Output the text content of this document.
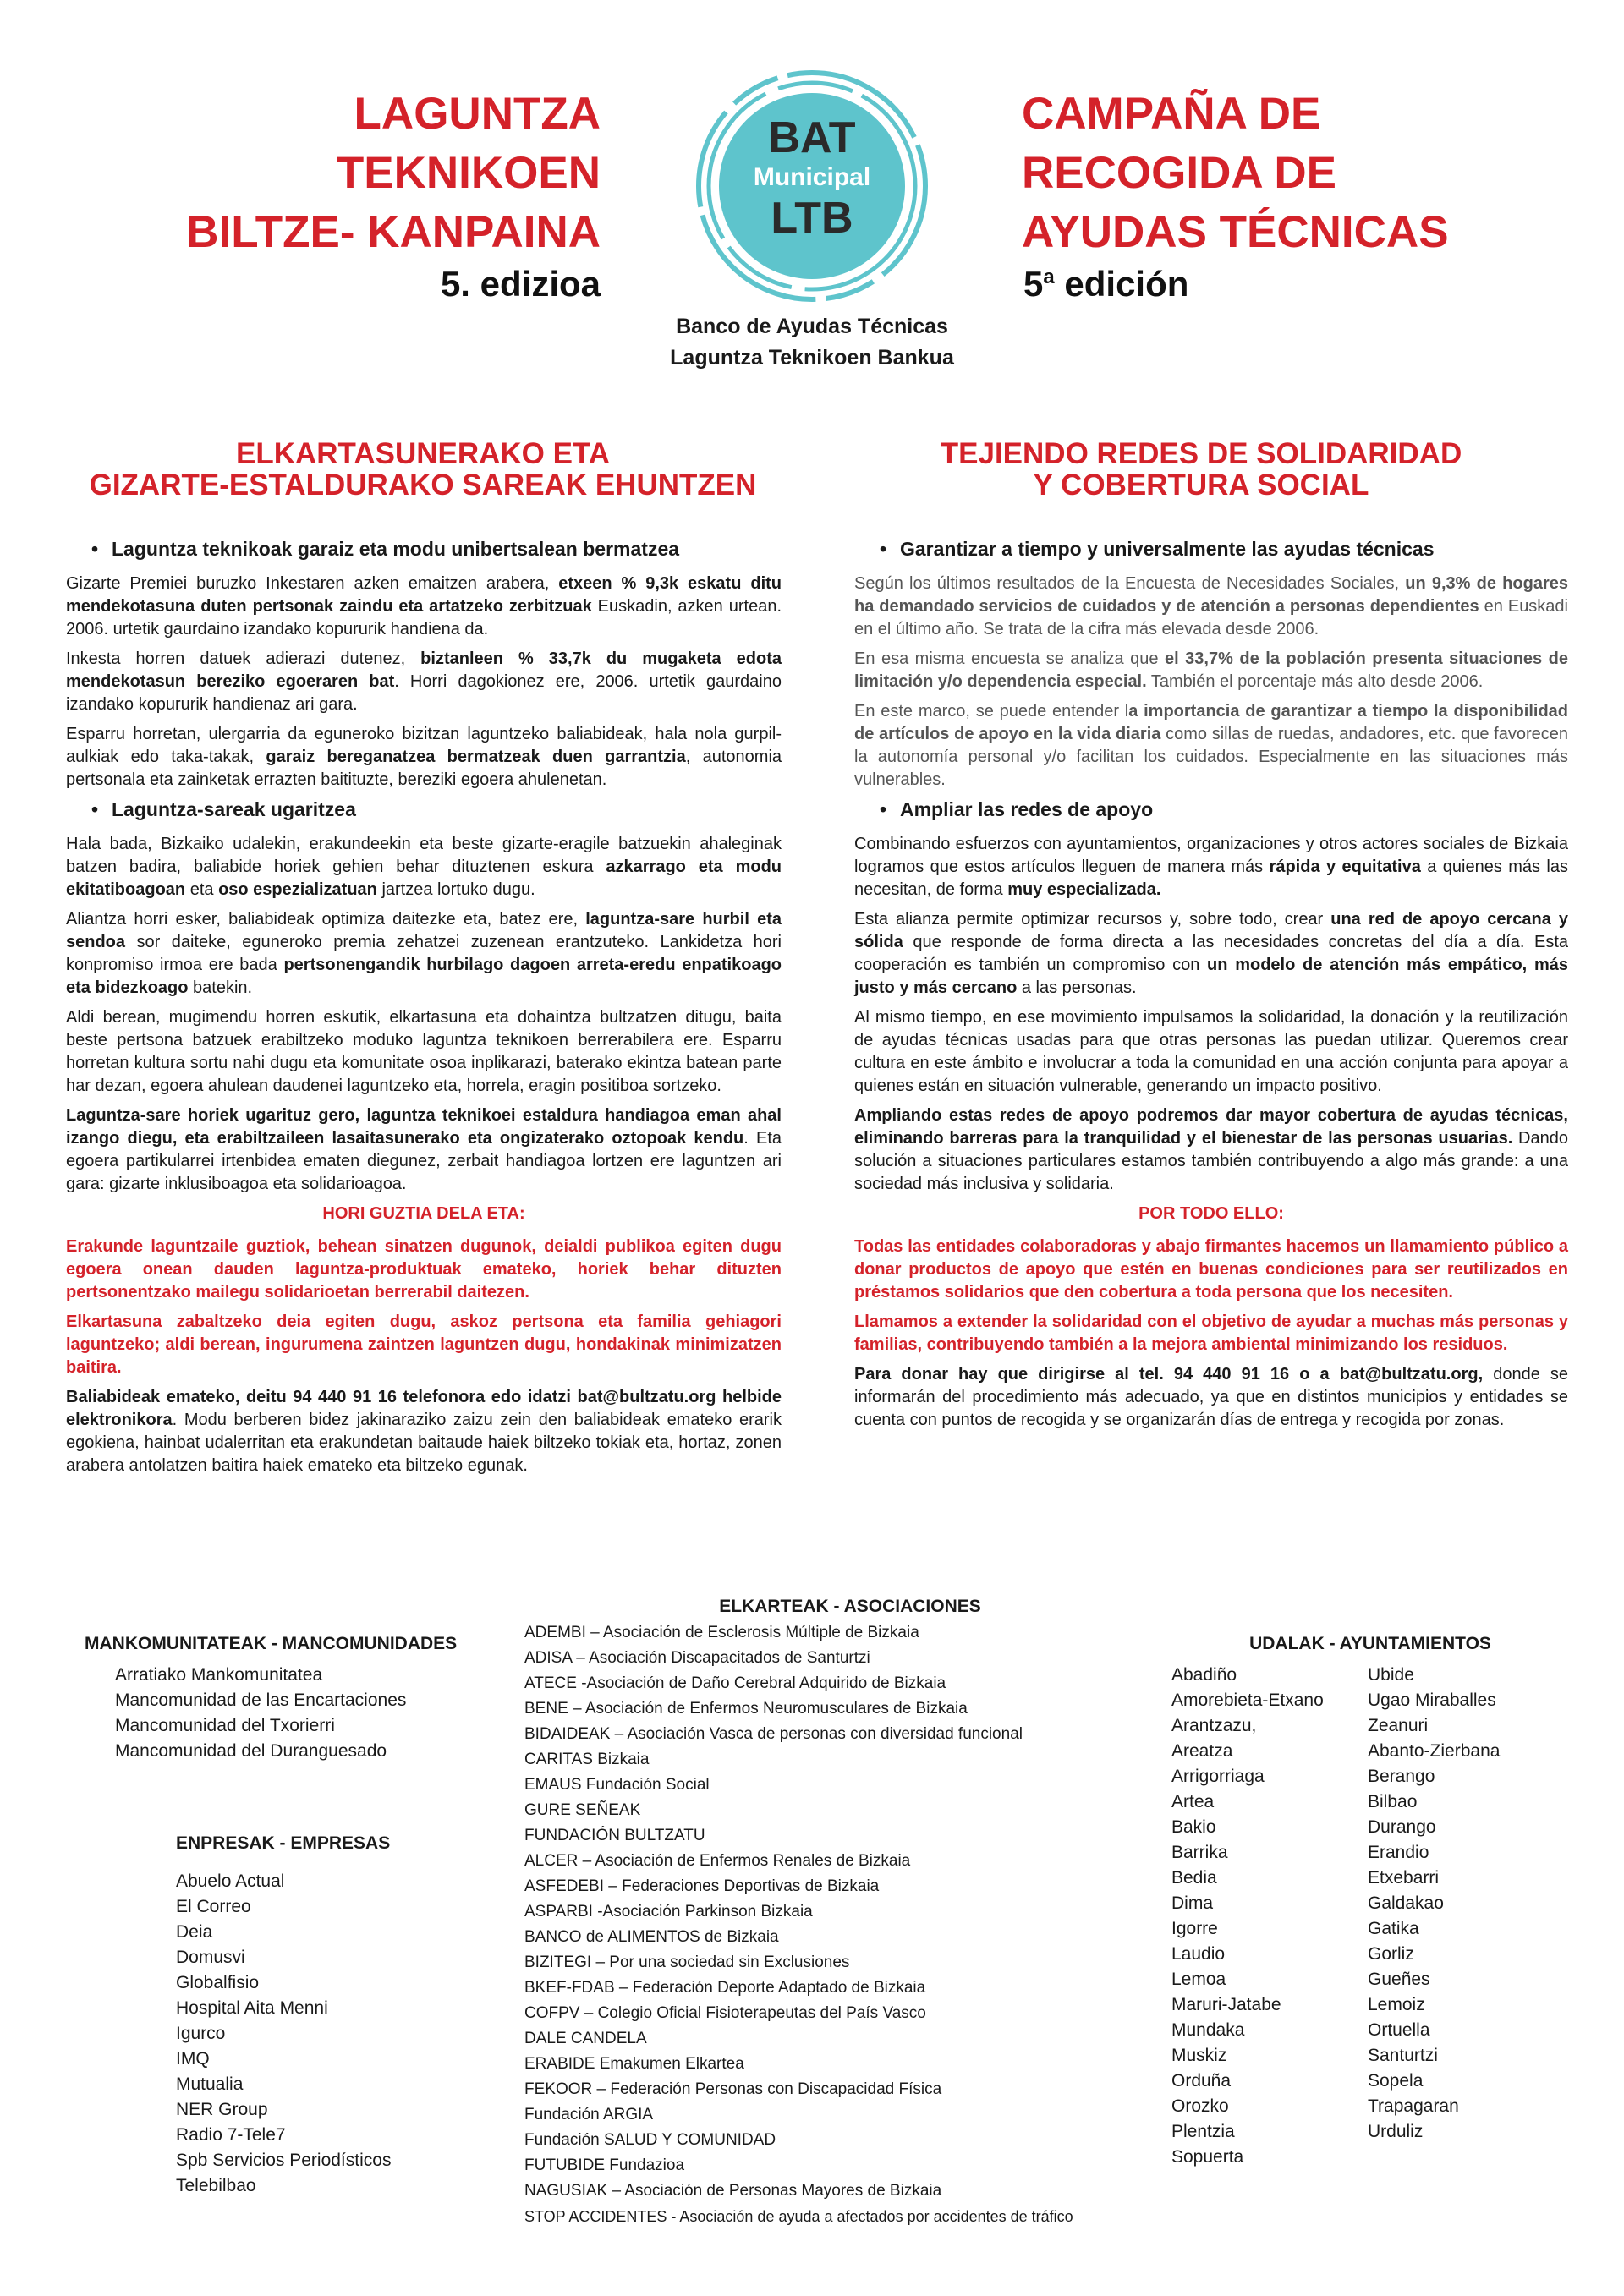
LAGUNTZA
TEKNIKOEN
BILTZE- KANPAINA
5. edizioa
CAMPAÑA DE
RECOGIDA DE
AYUDAS TÉCNICAS
5$^a$ edición
BAT
Municipal
LTB
Banco de Ayudas Técnicas
Laguntza Teknikoen Bankua
ELKARTASUNERAKO ETA
GIZARTE-ESTALDURAKO SAREAK EHUNTZEN
TEJIENDO REDES DE SOLIDARIDAD
Y COBERTURA SOCIAL
• Laguntza teknikoak garaiz eta modu unibertsalean bermatzea

Gizarte Premiei buruzko Inkestaren azken emaitzen arabera, etxeen % 9,3k eskatu ditu mendekotasuna duten pertsonak zaindu eta artatzeko zerbitzuak Euskadin, azken urtean. 2006. urtetik gaurdaino izandako kopururik handiena da.

Inkesta horren datuek adierazi dutenez, biztanleen % 33,7k du mugaketa edota mendekotasun bereziko egoeraren bat. Horri dagokionez ere, 2006. urtetik gaurdaino izandako kopururik handienaz ari gara.

Esparru horretan, ulergarria da eguneroko bizitzan laguntzeko baliabideak, hala nola gurpil-aulkiak edo taka-takak, garaiz bereganatzea bermatzeak duen garrantzia, autonomia pertsonala eta zainketak errazten baitituzte, bereziki egoera ahulenetan.

• Laguntza-sareak ugaritzea

Hala bada, Bizkaiko udalekin, erakundeekin eta beste gizarte-eragile batzuekin ahaleginak batzen badira, baliabide horiek gehien behar dituztenen eskura azkarrago eta modu ekitatiboagoan eta oso espezializatuan jartzea lortuko dugu.

Aliantza horri esker, baliabideak optimiza daitezke eta, batez ere, laguntza-sare hurbil eta sendoa sor daiteke, eguneroko premia zehatzei zuzenean erantzuteko. Lankidetza hori konpromiso irmoa ere bada pertsonengandik hurbilago dagoen arreta-eredu enpatikoago eta bidezkoago batekin.

Aldi berean, mugimendu horren eskutik, elkartasuna eta dohaintza bultzatzen ditugu, baita beste pertsona batzuek erabiltzeko moduko laguntza teknikoen berrerabilera ere. Esparru horretan kultura sortu nahi dugu eta komunitate osoa inplikarazi, baterako ekintza batean parte har dezan, egoera ahulean daudenei laguntzeko eta, horrela, eragin positiboa sortzeko.

Laguntza-sare horiek ugarituz gero, laguntza teknikoei estaldura handiagoa eman ahal izango diegu, eta erabiltzaileen lasaitasunerako eta ongizaterako oztopoak kendu. Eta egoera partikularrei irtenbidea ematen diegunez, zerbait handiagoa lortzen ere laguntzen ari gara: gizarte inklusiboagoa eta solidarioagoa.

HORI GUZTIA DELA ETA:

Erakunde laguntzaile guztiok, behean sinatzen dugunok, deialdi publikoa egiten dugu egoera onean dauden laguntza-produktuak emateko, horiek behar dituzten pertsonentzako mailegu solidarioetan berrerabil daitezen.

Elkartasuna zabaltzeko deia egiten dugu, askoz pertsona eta familia gehiagori laguntzeko; aldi berean, ingurumena zaintzen laguntzen dugu, hondakinak minimizatzen baitira.

Baliabideak emateko, deitu 94 440 91 16 telefonora edo idatzi bat@bultzatu.org helbide elektronikora. Modu berberen bidez jakinaraziko zaizu zein den baliabideak emateko erarik egokiena, hainbat udalerritan eta erakundetan baitaude haiek biltzeko tokiak eta, hortaz, zonen arabera antolatzen baitira haiek emateko eta biltzeko egunak.

• Garantizar a tiempo y universalmente las ayudas técnicas

Según los últimos resultados de la Encuesta de Necesidades Sociales, un 9,3% de hogares ha demandado servicios de cuidados y de atención a personas dependientes en Euskadi en el último año. Se trata de la cifra más elevada desde 2006.

En esa misma encuesta se analiza que el 33,7% de la población presenta situaciones de limitación y/o dependencia especial. También el porcentaje más alto desde 2006.

En este marco, se puede entender la importancia de garantizar a tiempo la disponibilidad de artículos de apoyo en la vida diaria como sillas de ruedas, andadores, etc. que favorecen la autonomía personal y/o facilitan los cuidados. Especialmente en las situaciones más vulnerables.

• Ampliar las redes de apoyo

Combinando esfuerzos con ayuntamientos, organizaciones y otros actores sociales de Bizkaia logramos que estos artículos lleguen de manera más rápida y equitativa a quienes más las necesitan, de forma muy especializada.

Esta alianza permite optimizar recursos y, sobre todo, crear una red de apoyo cercana y sólida que responde de forma directa a las necesidades concretas del día a día. Esta cooperación es también un compromiso con un modelo de atención más empático, más justo y más cercano a las personas.

Al mismo tiempo, en ese movimiento impulsamos la solidaridad, la donación y la reutilización de ayudas técnicas usadas para que otras personas las puedan utilizar. Queremos crear cultura en este ámbito e involucrar a toda la comunidad en una acción conjunta para apoyar a quienes están en situación vulnerable, generando un impacto positivo.

Ampliando estas redes de apoyo podremos dar mayor cobertura de ayudas técnicas, eliminando barreras para la tranquilidad y el bienestar de las personas usuarias. Dando solución a situaciones particulares estamos también contribuyendo a algo más grande: a una sociedad más inclusiva y solidaria.

POR TODO ELLO:

Todas las entidades colaboradoras y abajo firmantes hacemos un llamamiento público a donar productos de apoyo que estén en buenas condiciones para ser reutilizados en préstamos solidarios que den cobertura a toda persona que los necesiten.

Llamamos a extender la solidaridad con el objetivo de ayudar a muchas más personas y familias, contribuyendo también a la mejora ambiental minimizando los residuos.

Para donar hay que dirigirse al tel. 94 440 91 16 o a bat@bultzatu.org, donde se informarán del procedimiento más adecuado, ya que en distintos municipios y entidades se cuenta con puntos de recogida y se organizarán días de entrega y recogida por zonas.

MANKOMUNITATEAK - MANCOMUNIDADES
Arratiako Mankomunitatea
Mancomunidad de las Encartaciones
Mancomunidad del Txorierri
Mancomunidad del Duranguesado
ENPRESAK - EMPRESAS
Abuelo Actual
El Correo
Deia
Domusvi
Globalfisio
Hospital Aita Menni
Igurco
IMQ
Mutualia
NER Group
Radio 7-Tele7
Spb Servicios Periodísticos
Telebilbao
ELKARTEAK - ASOCIACIONES
ADEMBI – Asociación de Esclerosis Múltiple de Bizkaia
ADISA – Asociación Discapacitados de Santurtzi
ATECE -Asociación de Daño Cerebral Adquirido de Bizkaia
BENE – Asociación de Enfermos Neuromusculares de Bizkaia
BIDAIDEAK – Asociación Vasca de personas con diversidad funcional
CARITAS Bizkaia
EMAUS Fundación Social
GURE SEÑEAK
FUNDACIÓN BULTZATU
ALCER – Asociación de Enfermos Renales de Bizkaia
ASFEDEBI – Federaciones Deportivas de Bizkaia
ASPARBI -Asociación Parkinson Bizkaia
BANCO de ALIMENTOS de Bizkaia
BIZITEGI – Por una sociedad sin Exclusiones
BKEF-FDAB – Federación Deporte Adaptado de Bizkaia
COFPV – Colegio Oficial Fisioterapeutas del País Vasco
DALE CANDELA
ERABIDE Emakumen Elkartea
FEKOOR – Federación Personas con Discapacidad Física
Fundación ARGIA
Fundación SALUD Y COMUNIDAD
FUTUBIDE Fundazioa
NAGUSIAK – Asociación de Personas Mayores de Bizkaia
STOP ACCIDENTES - Asociación de ayuda a afectados por accidentes de tráfico
UDALAK - AYUNTAMIENTOS
Abadiño
Amorebieta-Etxano
Arantzazu,
Areatza
Arrigorriaga
Artea
Bakio
Barrika
Bedia
Dima
Igorre
Laudio
Lemoa
Maruri-Jatabe
Mundaka
Muskiz
Orduña
Orozko
Plentzia
Sopuerta
Ubide
Ugao Miraballes
Zeanuri
Abanto-Zierbana
Berango
Bilbao
Durango
Erandio
Etxebarri
Galdakao
Gatika
Gorliz
Gueñes
Lemoiz
Ortuella
Santurtzi
Sopela
Trapagaran
Urduliz
